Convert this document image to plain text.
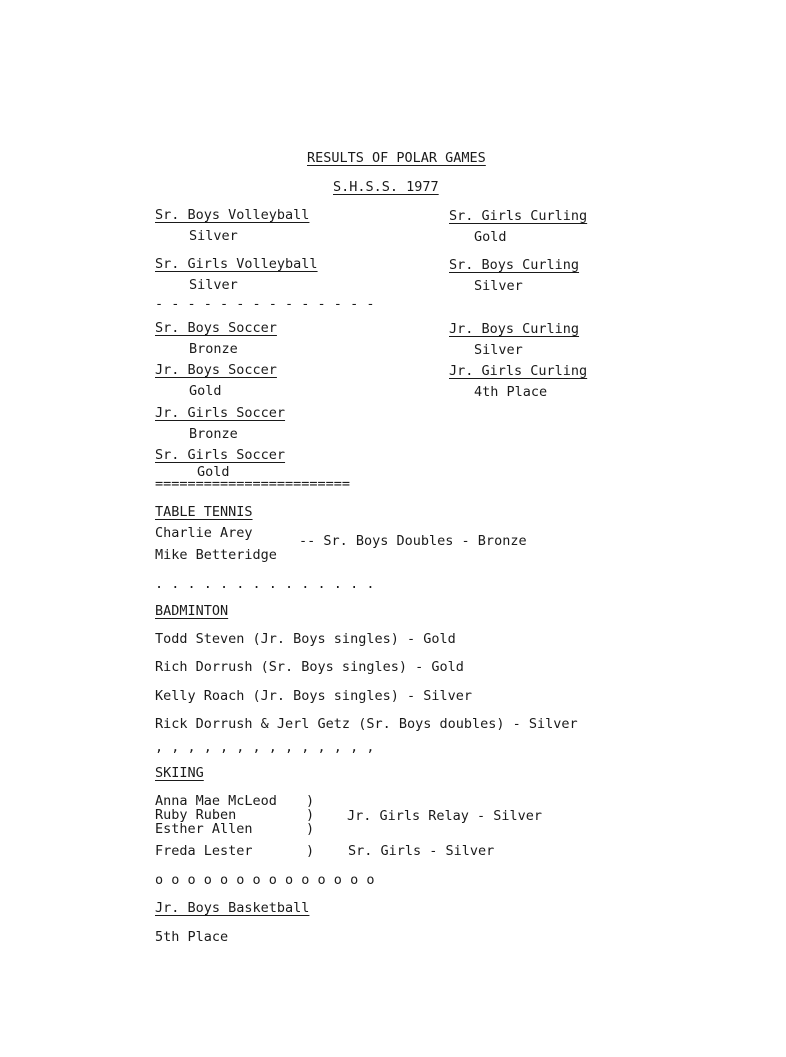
RESULTS OF POLAR GAMES
S.H.S.S. 1977
Sr. Boys Volleyball
Silver
Sr. Girls Volleyball
Silver
- - - - - - - - - - - - - -
Sr. Boys Soccer
Bronze
Jr. Boys Soccer
Gold
Jr. Girls Soccer
Bronze
Sr. Girls Soccer
Gold
========================
Sr. Girls Curling
Gold
Sr. Boys Curling
Silver
Jr. Boys Curling
Silver
Jr. Girls Curling
4th Place
TABLE TENNIS
Charlie Arey
Mike Betteridge
-- Sr. Boys Doubles - Bronze
. . . . . . . . . . . . . .
BADMINTON
Todd Steven (Jr. Boys singles) - Gold
Rich Dorrush (Sr. Boys singles) - Gold
Kelly Roach (Jr. Boys singles) - Silver
Rick Dorrush & Jerl Getz (Sr. Boys doubles) - Silver
, , , , , , , , , , , , , ,
SKIING
Anna Mae McLeod
Ruby Ruben
Esther Allen
)
)
)
Jr. Girls Relay - Silver
Freda Lester	)	Sr. Girls - Silver
o o o o o o o o o o o o o o
Jr. Boys Basketball
5th Place
